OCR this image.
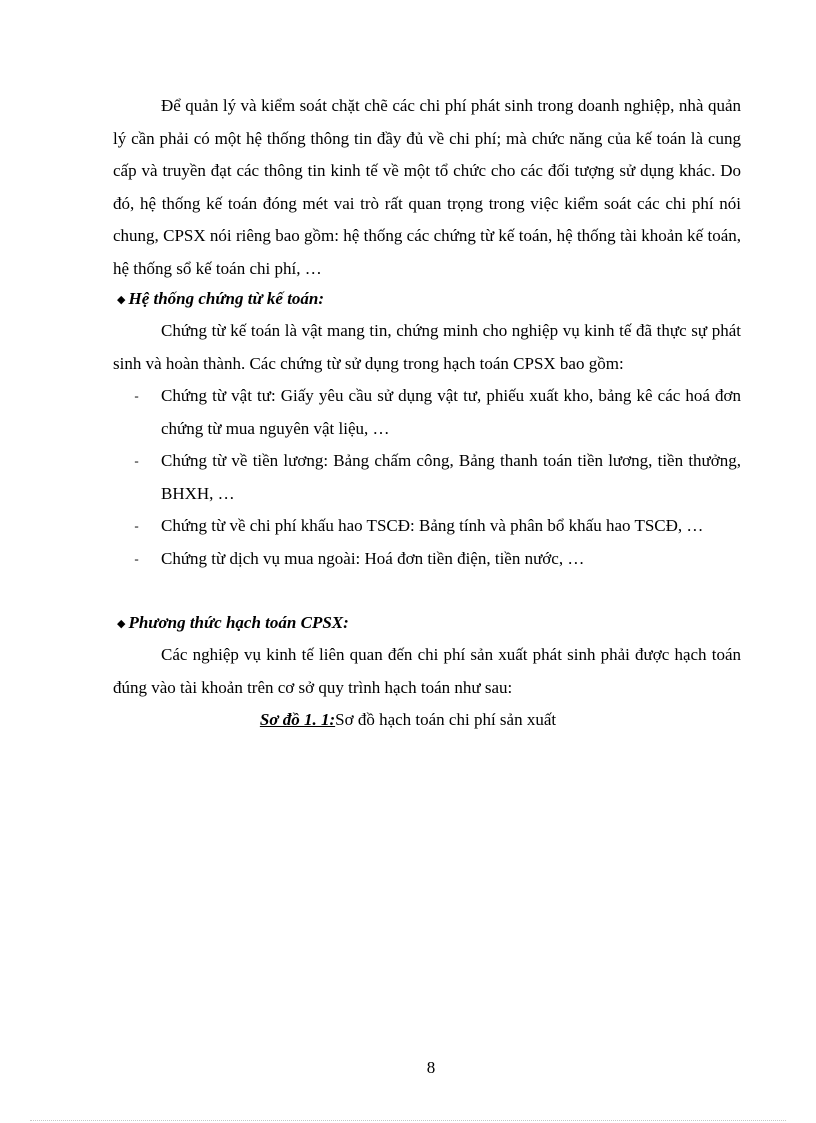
Để quản lý và kiểm soát chặt chẽ các chi phí phát sinh trong doanh nghiệp, nhà quản lý cần phải có một hệ thống thông tin đầy đủ về chi phí; mà chức năng của kế toán là cung cấp và truyền đạt các thông tin kinh tế về một tổ chức cho các đối tượng sử dụng khác. Do đó, hệ thống kế toán đóng mét vai trò rất quan trọng trong việc kiểm soát các chi phí nói chung, CPSX nói riêng bao gồm: hệ thống các chứng từ kế toán, hệ thống tài khoản kế toán, hệ thống sổ kế toán chi phí, …

◆ Hệ thống chứng từ kế toán:

Chứng từ kế toán là vật mang tin, chứng minh cho nghiệp vụ kinh tế đã thực sự phát sinh và hoàn thành. Các chứng từ sử dụng trong hạch toán CPSX bao gồm:

-	Chứng từ vật tư: Giấy yêu cầu sử dụng vật tư, phiếu xuất kho, bảng kê các hoá đơn chứng từ mua nguyên vật liệu, …
-	Chứng từ về tiền lương: Bảng chấm công, Bảng thanh toán tiền lương, tiền thưởng, BHXH, …
-	Chứng từ về chi phí khấu hao TSCĐ: Bảng tính và phân bổ khấu hao TSCĐ, …
-	Chứng từ dịch vụ mua ngoài: Hoá đơn tiền điện, tiền nước, …
◆ Phương thức hạch toán CPSX:

Các nghiệp vụ kinh tế liên quan đến chi phí sản xuất phát sinh phải được hạch toán đúng vào tài khoản trên cơ sở quy trình hạch toán như sau:

Sơ đồ 1. 1:Sơ đồ hạch toán chi phí sản xuất
8
